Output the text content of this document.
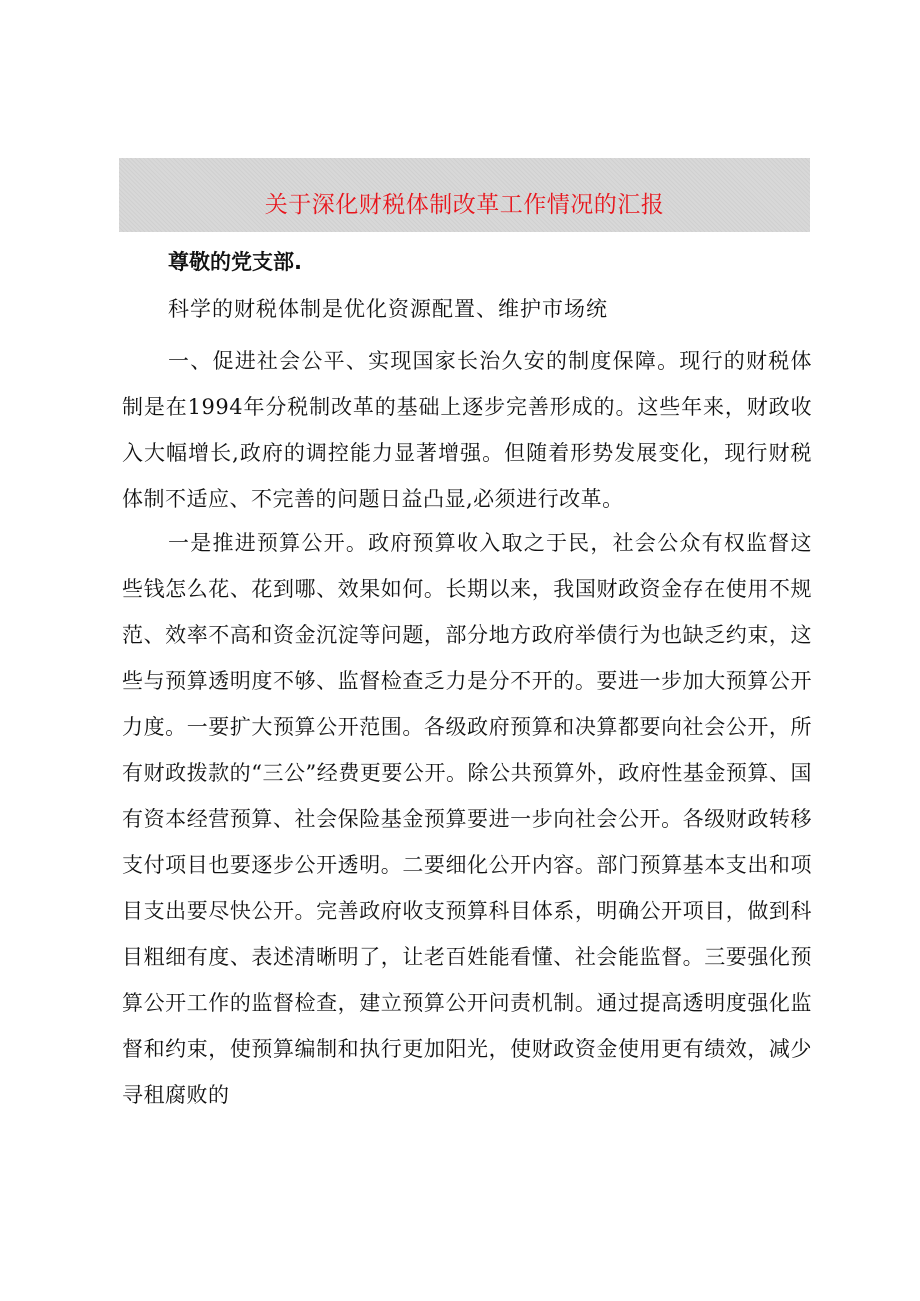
关于深化财税体制改革工作情况的汇报
尊敬的党支部.
科学的财税体制是优化资源配置、维护市场统

一、促进社会公平、实现国家长治久安的制度保障。现行的财税体制是在1994年分税制改革的基础上逐步完善形成的。这些年来，财政收入大幅增长,政府的调控能力显著增强。但随着形势发展变化，现行财税体制不适应、不完善的问题日益凸显,必须进行改革。

一是推进预算公开。政府预算收入取之于民，社会公众有权监督这些钱怎么花、花到哪、效果如何。长期以来，我国财政资金存在使用不规范、效率不高和资金沉淀等问题，部分地方政府举债行为也缺乏约束，这些与预算透明度不够、监督检查乏力是分不开的。要进一步加大预算公开力度。一要扩大预算公开范围。各级政府预算和决算都要向社会公开，所有财政拨款的“三公”经费更要公开。除公共预算外，政府性基金预算、国有资本经营预算、社会保险基金预算要进一步向社会公开。各级财政转移支付项目也要逐步公开透明。二要细化公开内容。部门预算基本支出和项目支出要尽快公开。完善政府收支预算科目体系，明确公开项目，做到科目粗细有度、表述清晰明了，让老百姓能看懂、社会能监督。三要强化预算公开工作的监督检查，建立预算公开问责机制。通过提高透明度强化监督和约束，使预算编制和执行更加阳光，使财政资金使用更有绩效，减少寻租腐败的
